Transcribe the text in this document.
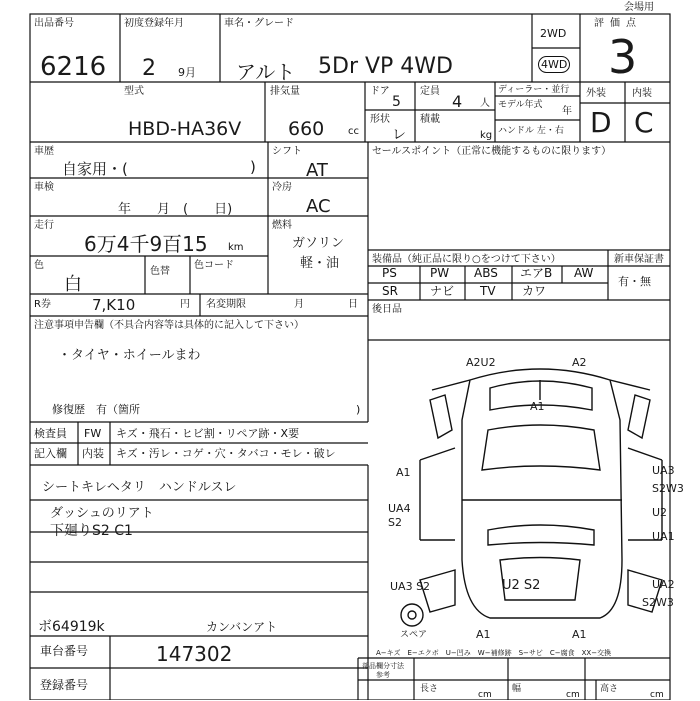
出品番号
6216
初度登録年月
2 9月
車名・グレード
アルト 5Dr VP 4WD
2WD
4WD
評価点
3
型式
HBD-HA36V
排気量
660 cc
ドア
5
定員
4 人
ディーラー・並行
モデル年式
年
ハンドル 左・右
外装	内装
D C
形状
レ
積載
kg
車歴
自家用・(	)
シフト
AT
車検
年　　月　(　　日)
冷房
AC
走行
6万4千9百15 km
燃料
ガソリン
軽・油
色
白
色替
色コード
R券	7,K10	円 名変期限	月　　日
注意事項申告欄（不具合内容等は具体的に記入して下さい）
・タイヤ・ホイールまわ
修復歴　有（箇所	)
セールスポイント（正常に機能するものに限ります）
会場用
装備品（純正品に限り○をつけて下さい）	新車保証書
有・無
PS	PW ABS エアB AW
SR	ナビ TV カワ
後日品
検査員
記入欄
FW キズ・飛石・ヒビ割・リペア跡・X要
内装 キズ・汚レ・コゲ・穴・タバコ・モレ・破レ
シートキレヘタリ　ハンドルスレ
ダッシュのリアト
下廻りS2 C1
ボ64919k	カンバンアト
車台番号	147302
登録番号
A−キズ　E−エクボ　U−凹み　W−補修跡　S−サビ　C−腐食　XX−交換
スペア
A2U2	A2
A1
A1	UA3
S2W3
UA4
S2
U2
UA1
UA3 S2	U2 S2	UA2
S2W3
A1	A1
部品欄分寸法
参考
長さ
cm
幅
cm
高さ
cm
